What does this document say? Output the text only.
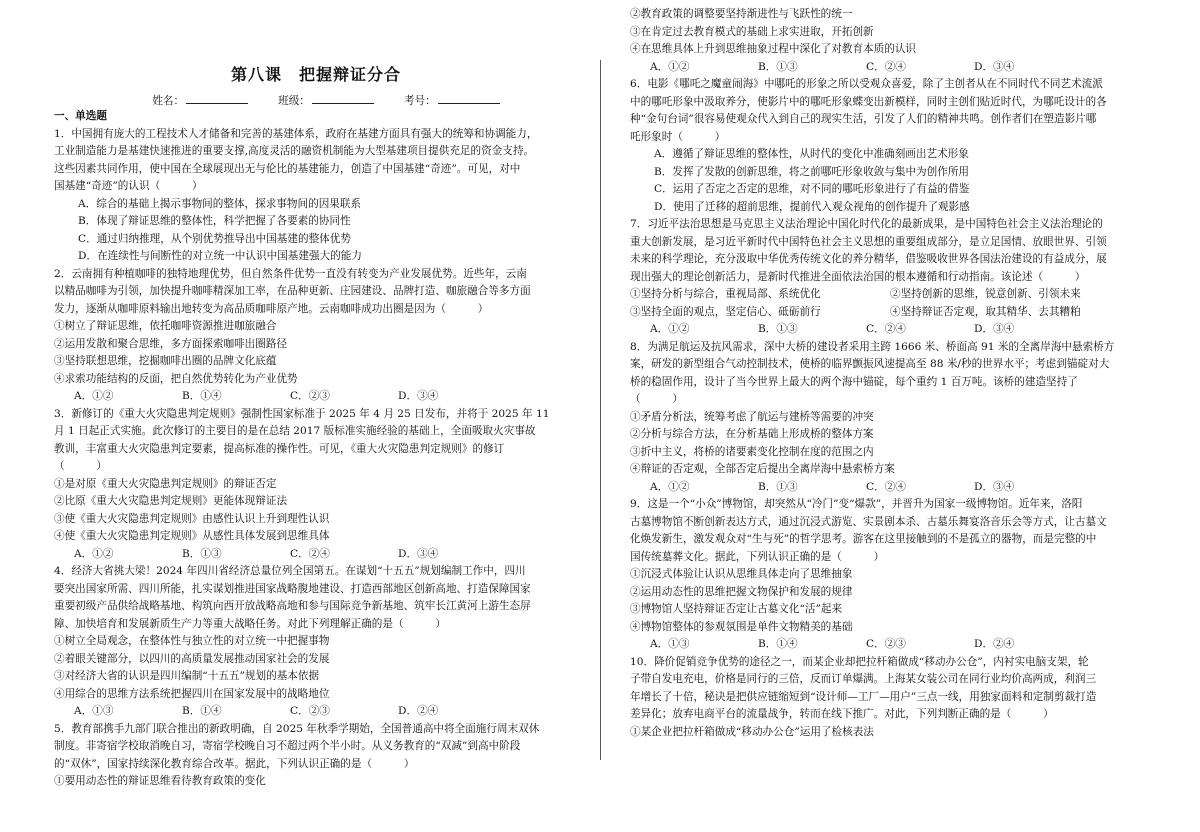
第八课　把握辩证分合
姓名：	班级：	考号：

一、单选题

1．中国拥有庞大的工程技术人才储备和完善的基建体系，政府在基建方面具有强大的统筹和协调能力，

工业制造能力是基建快速推进的重要支撑,高度灵活的融资机制能为大型基建项目提供充足的资金支持。

这些因素共同作用，使中国在全球展现出无与伦比的基建能力，创造了中国基建“奇迹”。可见，对中

国基建“奇迹”的认识（　　　）

A．综合的基础上揭示事物间的整体，探求事物间的因果联系

B．体现了辩证思维的整体性，科学把握了各要素的协同性

C．通过归纳推理，从个别优势推导出中国基建的整体优势

D．在连续性与间断性的对立统一中认识中国基建强大的能力

2．云南拥有种植咖啡的独特地理优势，但自然条件优势一直没有转变为产业发展优势。近些年，云南

以精品咖啡为引领，加快提升咖啡精深加工率，在品种更新、庄园建设、品牌打造、咖旅融合等多方面

发力，逐渐从咖啡原料输出地转变为高品质咖啡原产地。云南咖啡成功出圈是因为（　　　）

①树立了辩证思维，依托咖啡资源推进咖旅融合

②运用发散和聚合思维，多方面探索咖啡出圈路径

③坚持联想思维，挖掘咖啡出圈的品牌文化底蕴

④求索功能结构的反面，把自然优势转化为产业优势

A．①②	B．①④	C．②③	D．③④

3．新修订的《重大火灾隐患判定规则》强制性国家标准于 2025 年 4 月 25 日发布，并将于 2025 年 11

月 1 日起正式实施。此次修订的主要目的是在总结 2017 版标准实施经验的基础上，全面吸取火灾事故

教训，丰富重大火灾隐患判定要素，提高标准的操作性。可见，《重大火灾隐患判定规则》的修订

（　　　）

①是对原《重大火灾隐患判定规则》的辩证否定

②比原《重大火灾隐患判定规则》更能体现辩证法

③使《重大火灾隐患判定规则》由感性认识上升到理性认识

④使《重大火灾隐患判定规则》从感性具体发展到思维具体

A．①②	B．①③	C．②④	D．③④

4．经济大省挑大梁！2024 年四川省经济总量位列全国第五。在谋划“十五五”规划编制工作中，四川

要突出国家所需、四川所能，扎实谋划推进国家战略腹地建设、打造西部地区创新高地、打造保障国家

重要初级产品供给战略基地、构筑向西开放战略高地和参与国际竞争新基地、筑牢长江黄河上游生态屏

障、加快培育和发展新质生产力等重大战略任务。对此下列理解正确的是（　　　）

①树立全局观念，在整体性与独立性的对立统一中把握事物

②着眼关键部分，以四川的高质量发展推动国家社会的发展

③对经济大省的认识是四川编制“十五五”规划的基本依据

④用综合的思维方法系统把握四川在国家发展中的战略地位

A．①③	B．①④	C．②③	D．②④

5．教育部携手九部门联合推出的新政明确，自 2025 年秋季学期始，全国普通高中将全面施行周末双休

制度。非寄宿学校取消晚自习，寄宿学校晚自习不超过两个半小时。从义务教育的“双减”到高中阶段

的“双休”，国家持续深化教育综合改革。据此，下列认识正确的是（　　　）

①要用动态性的辩证思维看待教育政策的变化

②教育政策的调整要坚持渐进性与飞跃性的统一

③在肯定过去教育模式的基础上求实进取，开拓创新

④在思维具体上升到思维抽象过程中深化了对教育本质的认识

A．①②	B．①③	C．②④	D．③④

6．电影《哪吒之魔童闹海》中哪吒的形象之所以受观众喜爱，除了主创者从在不同时代不同艺术流派

中的哪吒形象中汲取养分，使影片中的哪吒形象蝶变出新模样，同时主创们贴近时代，为哪吒设计的各

种“金句台词”很容易使观众代入到自己的现实生活，引发了人们的精神共鸣。创作者们在塑造影片哪

吒形象时（　　　）

A．遵循了辩证思维的整体性，从时代的变化中准确刻画出艺术形象

B．发挥了发散的创新思维，将之前哪吒形象收敛与集中为创作所用

C．运用了否定之否定的思维，对不同的哪吒形象进行了有益的借鉴

D．使用了迁移的超前思维，提前代入观众视角的创作提升了观影感

7．习近平法治思想是马克思主义法治理论中国化时代化的最新成果，是中国特色社会主义法治理论的

重大创新发展，是习近平新时代中国特色社会主义思想的重要组成部分，是立足国情、放眼世界、引领

未来的科学理论，充分汲取中华优秀传统文化的养分精华，借鉴吸收世界各国法治建设的有益成分，展

现出强大的理论创新活力，是新时代推进全面依法治国的根本遵循和行动指南。该论述（　　　）

①坚持分析与综合，重视局部、系统优化	②坚持创新的思维，锐意创新、引领未来
③坚持全面的观点，坚定信心、砥砺前行	④坚持辩证否定观，取其精华、去其糟粕
A．①②	B．①③	C．②④	D．③④

8．为满足航运及抗风需求，深中大桥的建设者采用主跨 1666 米、桥面高 91 米的全离岸海中悬索桥方

案，研发的新型组合气动控制技术，使桥的临界颤振风速提高至 88 米/秒的世界水平；考虑到锚碇对大

桥的稳固作用，设计了当今世界上最大的两个海中锚碇，每个重约 1 百万吨。该桥的建造坚持了

（　　　）

①矛盾分析法，统筹考虑了航运与建桥等需要的冲突

②分析与综合方法，在分析基础上形成桥的整体方案

③折中主义，将桥的诸要素变化控制在度的范围之内

④辩证的否定观，全部否定后提出全离岸海中悬索桥方案

A．①②	B．①③	C．②④	D．③④

9．这是一个“小众”博物馆，却突然从“冷门”变“爆款”，并晋升为国家一级博物馆。近年来，洛阳

古墓博物馆不断创新表达方式，通过沉浸式游览、实景剧本杀、古墓乐舞宴洛音乐会等方式，让古墓文

化焕发新生，激发观众对“生与死”的哲学思考。游客在这里接触到的不是孤立的器物，而是完整的中

国传统墓葬文化。据此，下列认识正确的是（　　　）

①沉浸式体验让认识从思维具体走向了思维抽象

②运用动态性的思维把握文物保护和发展的规律

③博物馆人坚持辩证否定让古墓文化“活”起来

④博物馆整体的参观氛围是单件文物精美的基础

A．①③	B．①④	C．②③	D．②④

10．降价促销竞争优势的途径之一，而某企业却把拉杆箱做成“移动办公仓”，内衬实电脑支架，轮

子带自发电充电，价格是同行的三倍，反而订单爆满。上海某女装公司在同行业均价高两成，利润三

年增长了十倍，秘诀是把供应链缩短到“设计师—工厂—用户”三点一线，用独家面料和定制剪裁打造

差异化；放弃电商平台的流量战争，转而在线下推广。对此，下列判断正确的是（　　　）

①某企业把拉杆箱做成“移动办公仓”运用了检核表法
